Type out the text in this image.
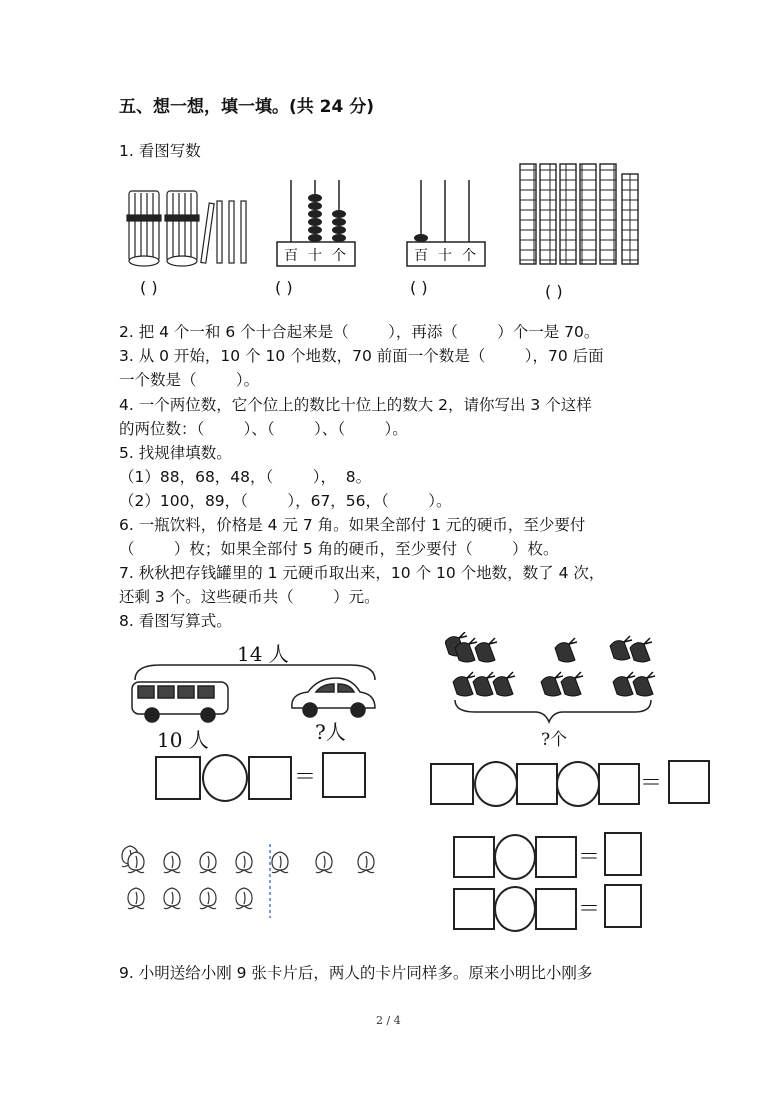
五、想一想，填一填。(共 24 分)
1. 看图写数
( )
百 十 个
( )
百 十 个
( )	( )
2. 把 4 个一和 6 个十合起来是（        ），再添（        ）个一是 70。
3. 从 0 开始，10 个 10 个地数，70 前面一个数是（        ），70 后面
一个数是（        ）。
4. 一个两位数，它个位上的数比十位上的数大 2，请你写出 3 个这样
的两位数：（        ）、（        ）、（        ）。
5. 找规律填数。
（1）88，68，48，（        ），  8。
（2）100，89，（        ），67，56，（        ）。
6. 一瓶饮料，价格是 4 元 7 角。如果全部付 1 元的硬币，至少要付
（        ）枚；如果全部付 5 角的硬币，至少要付（        ）枚。
7. 秋秋把存钱罐里的 1 元硬币取出来，10 个 10 个地数，数了 4 次，
还剩 3 个。这些硬币共（        ）元。
8. 看图写算式。
14 人
10 人	?人
＝
?个
＝
＝
＝
9. 小明送给小刚 9 张卡片后，两人的卡片同样多。原来小明比小刚多
2 / 4
